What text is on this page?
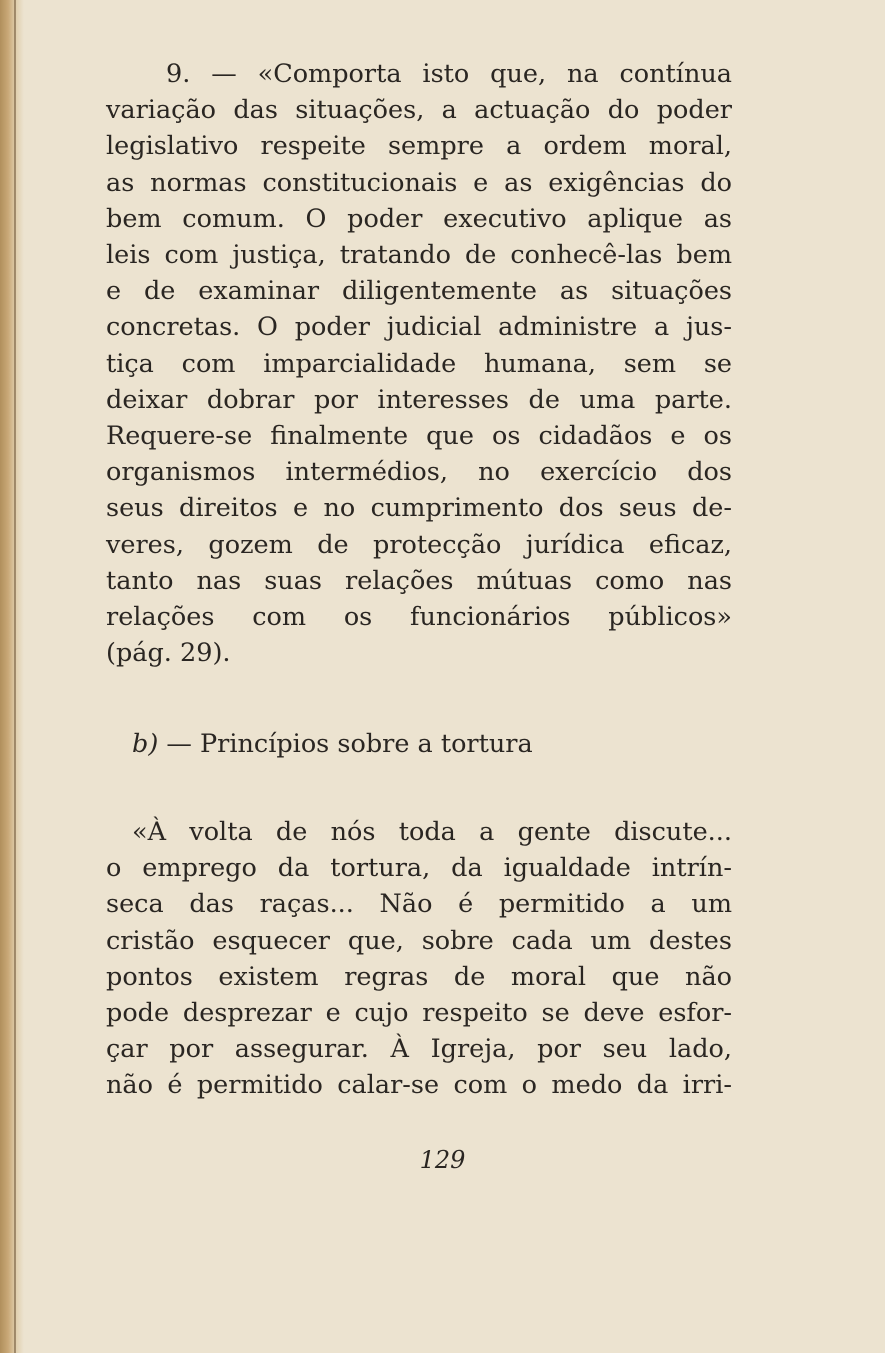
9. — «Comporta isto que, na contínua
variação das situações, a actuação do poder
legislativo respeite sempre a ordem moral,
as normas constitucionais e as exigências do
bem comum. O poder executivo aplique as
leis com justiça, tratando de conhecê-las bem
e de examinar diligentemente as situações
concretas. O poder judicial administre a jus-
tiça com imparcialidade humana, sem se
deixar dobrar por interesses de uma parte.
Requere-se finalmente que os cidadãos e os
organismos intermédios, no exercício dos
seus direitos e no cumprimento dos seus de-
veres, gozem de protecção jurídica eficaz,
tanto nas suas relações mútuas como nas
relações com os funcionários públicos»
(pág. 29).

b) — Princípios sobre a tortura

«À volta de nós toda a gente discute...
o emprego da tortura, da igualdade intrín-
seca das raças... Não é permitido a um
cristão esquecer que, sobre cada um destes
pontos existem regras de moral que não
pode desprezar e cujo respeito se deve esfor-
çar por assegurar. À Igreja, por seu lado,
não é permitido calar-se com o medo da irri-

129
